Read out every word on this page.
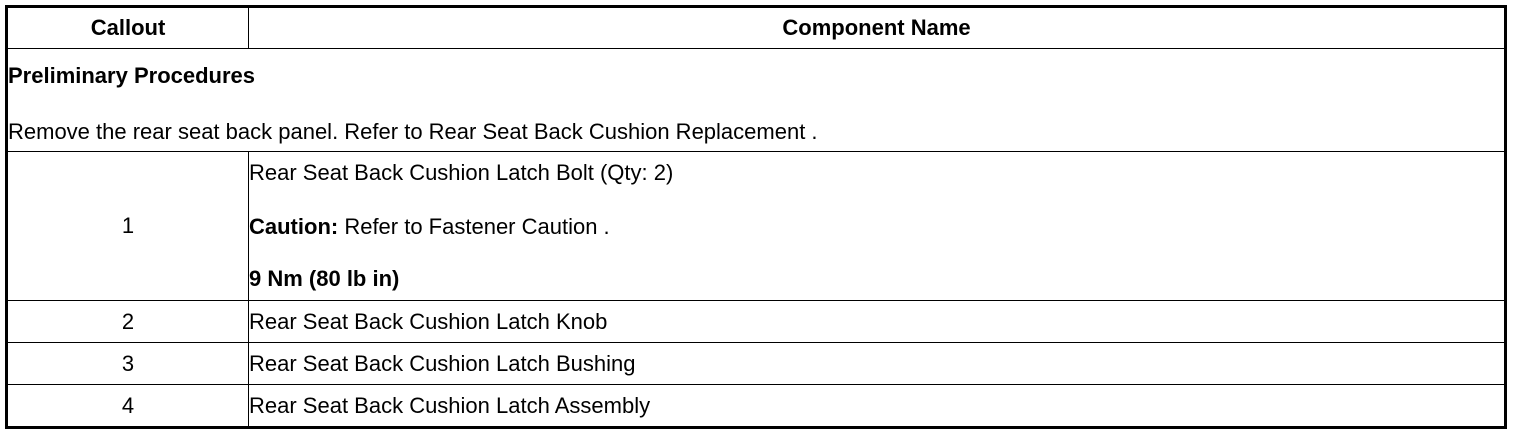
Callout	Component Name

Preliminary Procedures
Remove the rear seat back panel. Refer to Rear Seat Back Cushion Replacement .	

1	Rear Seat Back Cushion Latch Bolt (Qty: 2)
Caution: Refer to Fastener Caution .
9 Nm (80 lb in)

2	Rear Seat Back Cushion Latch Knob
3	Rear Seat Back Cushion Latch Bushing
4	Rear Seat Back Cushion Latch Assembly
